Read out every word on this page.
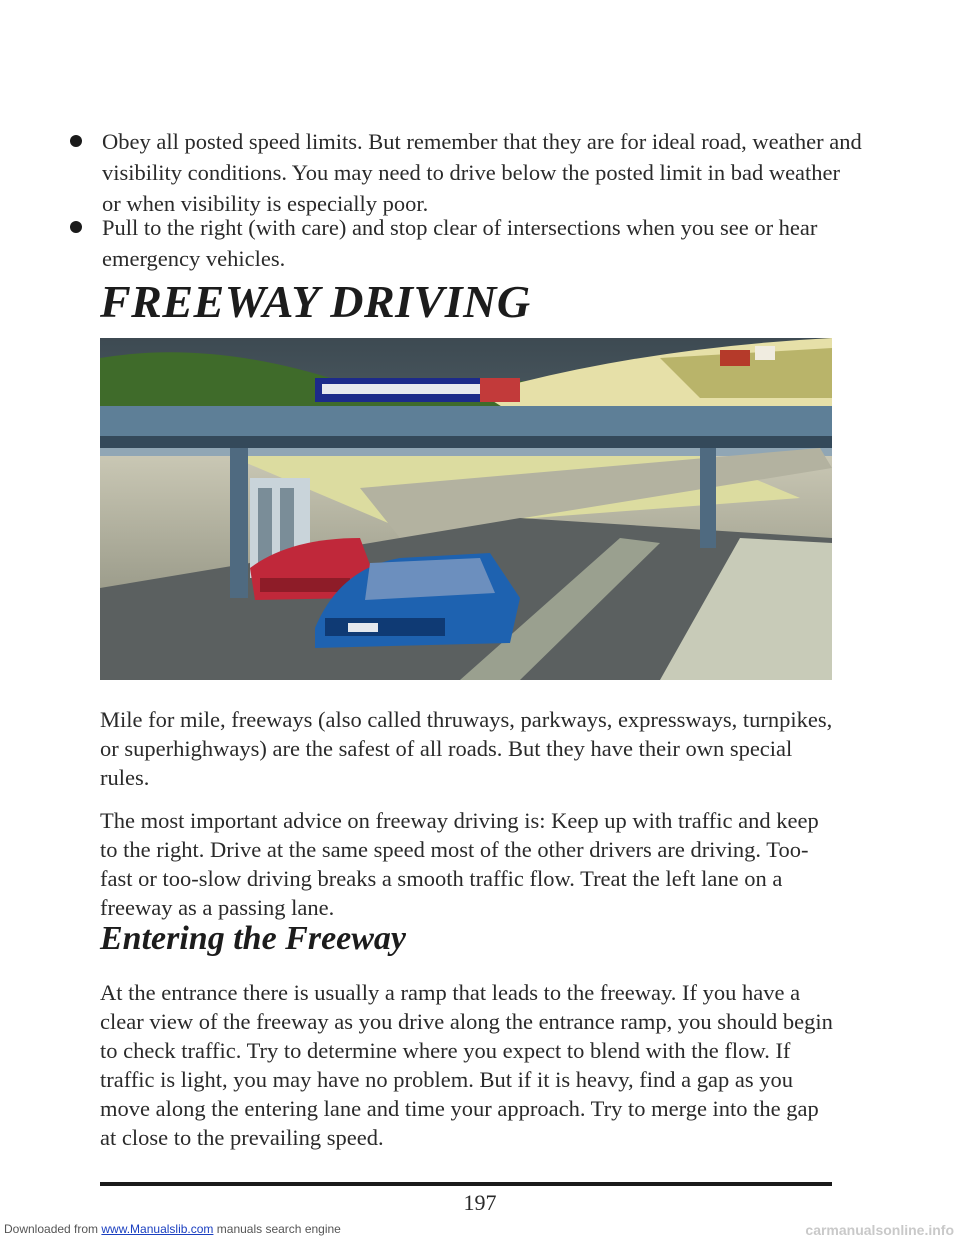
Obey all posted speed limits. But remember that they are for ideal road, weather and visibility conditions. You may need to drive below the posted limit in bad weather or when visibility is especially poor.
Pull to the right (with care) and stop clear of intersections when you see or hear emergency vehicles.
FREEWAY DRIVING

Mile for mile, freeways (also called thruways, parkways, expressways, turnpikes, or superhighways) are the safest of all roads. But they have their own special rules.

The most important advice on freeway driving is: Keep up with traffic and keep to the right. Drive at the same speed most of the other drivers are driving. Too-fast or too-slow driving breaks a smooth traffic flow. Treat the left lane on a freeway as a passing lane.

Entering the Freeway

At the entrance there is usually a ramp that leads to the freeway. If you have a clear view of the freeway as you drive along the entrance ramp, you should begin to check traffic. Try to determine where you expect to blend with the flow. If traffic is light, you may have no problem. But if it is heavy, find a gap as you move along the entering lane and time your approach. Try to merge into the gap at close to the prevailing speed.

197
Downloaded from www.Manualslib.com manuals search engine	carmanualsonline.info
